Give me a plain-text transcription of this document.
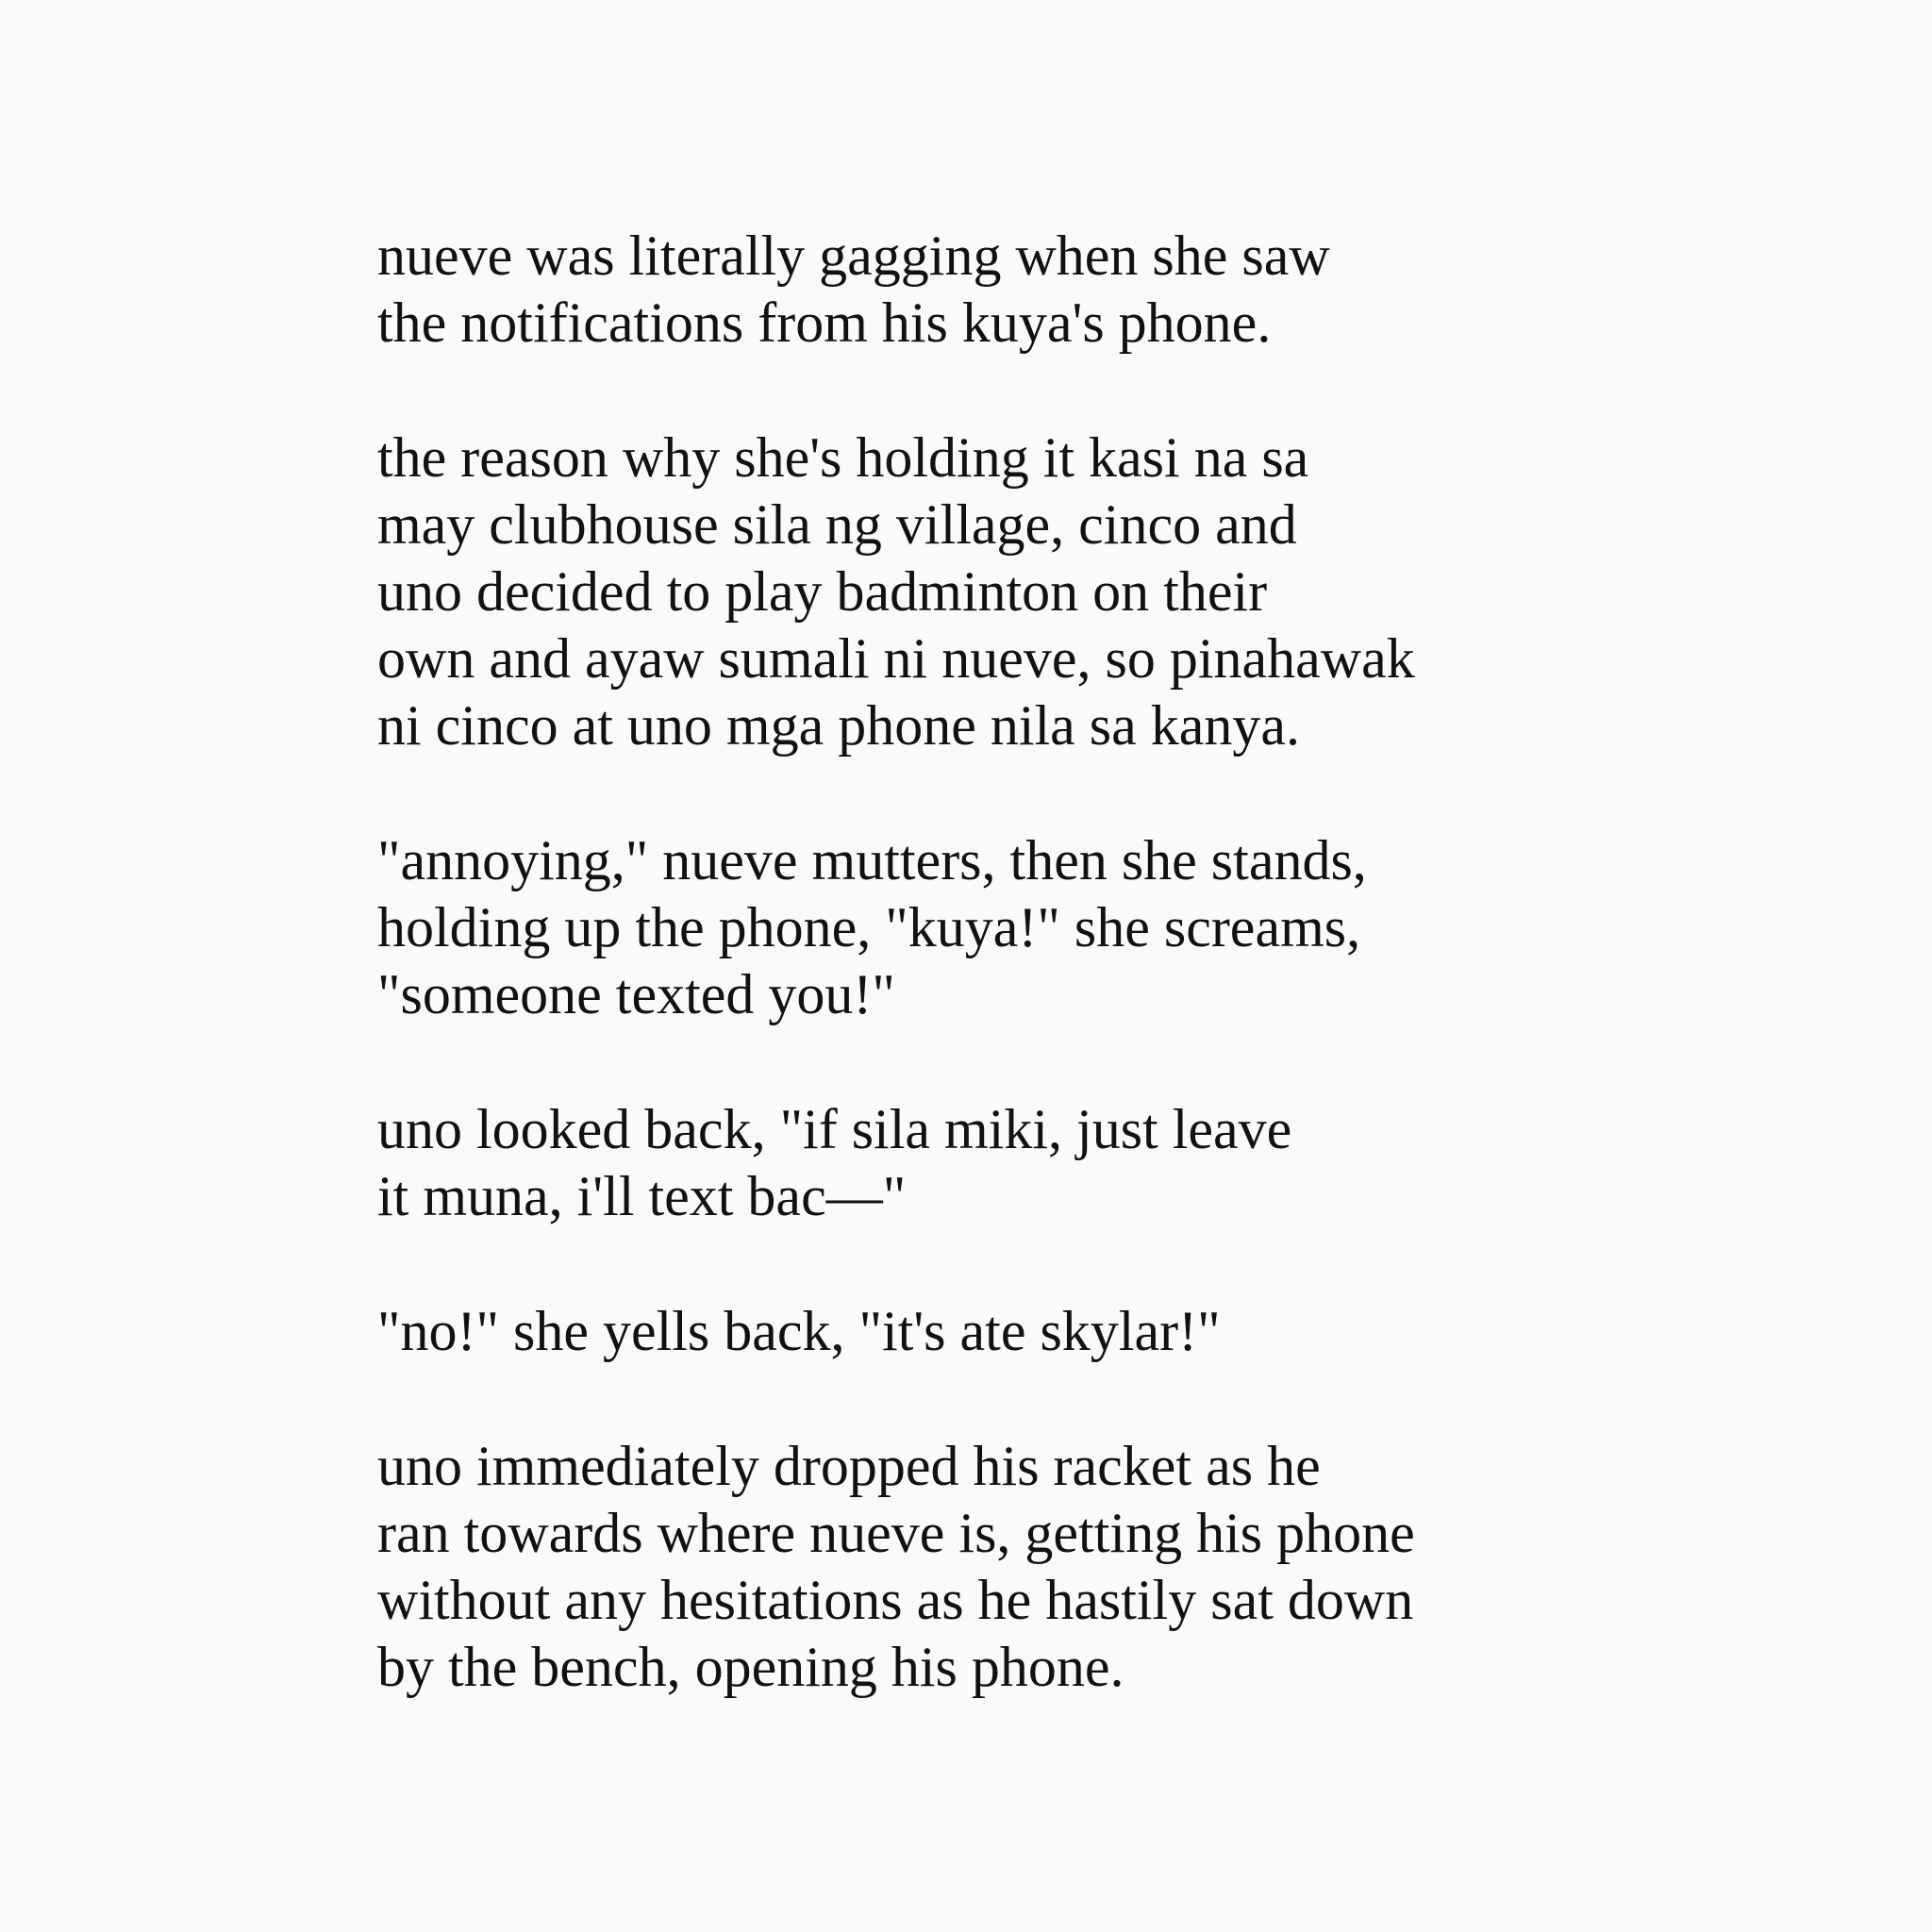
nueve was literally gagging when she saw
the notifications from his kuya's phone.
the reason why she's holding it kasi na sa
may clubhouse sila ng village, cinco and
uno decided to play badminton on their
own and ayaw sumali ni nueve, so pinahawak
ni cinco at uno mga phone nila sa kanya.
"annoying," nueve mutters, then she stands,
holding up the phone, "kuya!" she screams,
"someone texted you!"
uno looked back, "if sila miki, just leave
it muna, i'll text bac—"
"no!" she yells back, "it's ate skylar!"
uno immediately dropped his racket as he
ran towards where nueve is, getting his phone
without any hesitations as he hastily sat down
by the bench, opening his phone.
